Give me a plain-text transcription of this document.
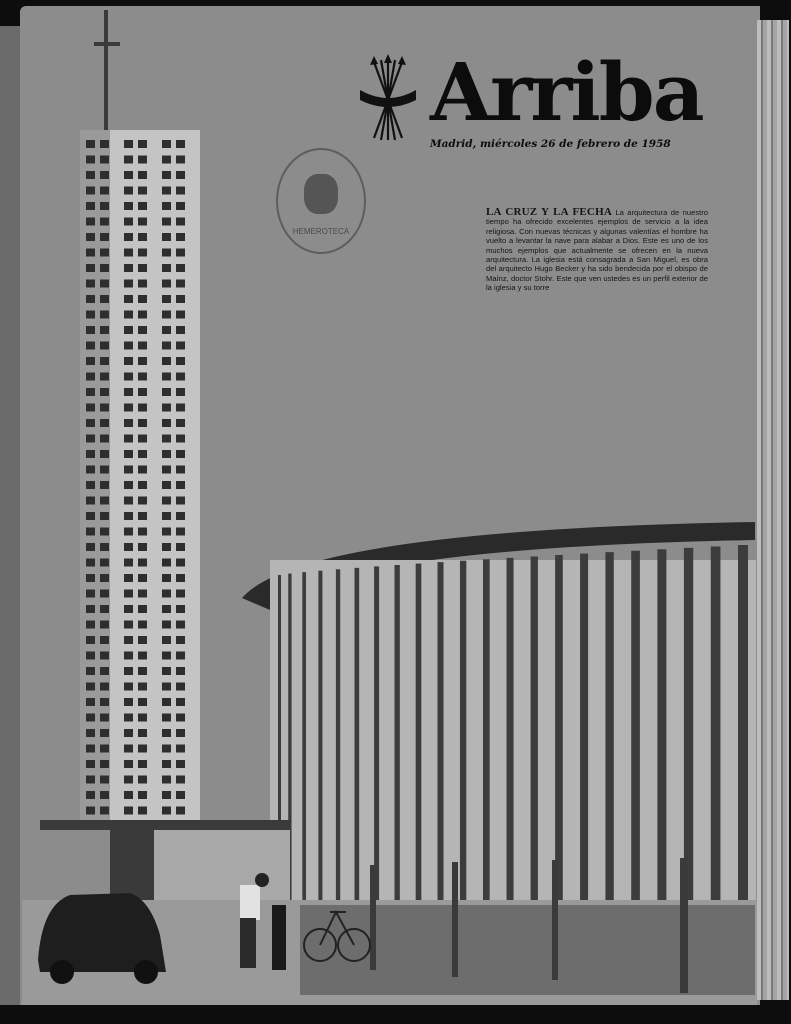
Arriba
Madrid, miércoles 26 de febrero de 1958
HEMEROTECA
LA CRUZ Y LA FECHA La arquitectura de nuestro tiempo ha ofrecido excelentes ejemplos de servicio a la idea religiosa. Con nuevas técnicas y algunas valentías el hombre ha vuelto a levantar la nave para alabar a Dios. Este es uno de los muchos ejemplos que actualmente se ofrecen en la nueva arquitectura. La iglesia está consagrada a San Miguel, es obra del arquitecto Hugo Becker y ha sido bendecida por el obispo de Maínz, doctor Stohr. Este que ven ustedes es un perfil exterior de la iglesia y su torre
